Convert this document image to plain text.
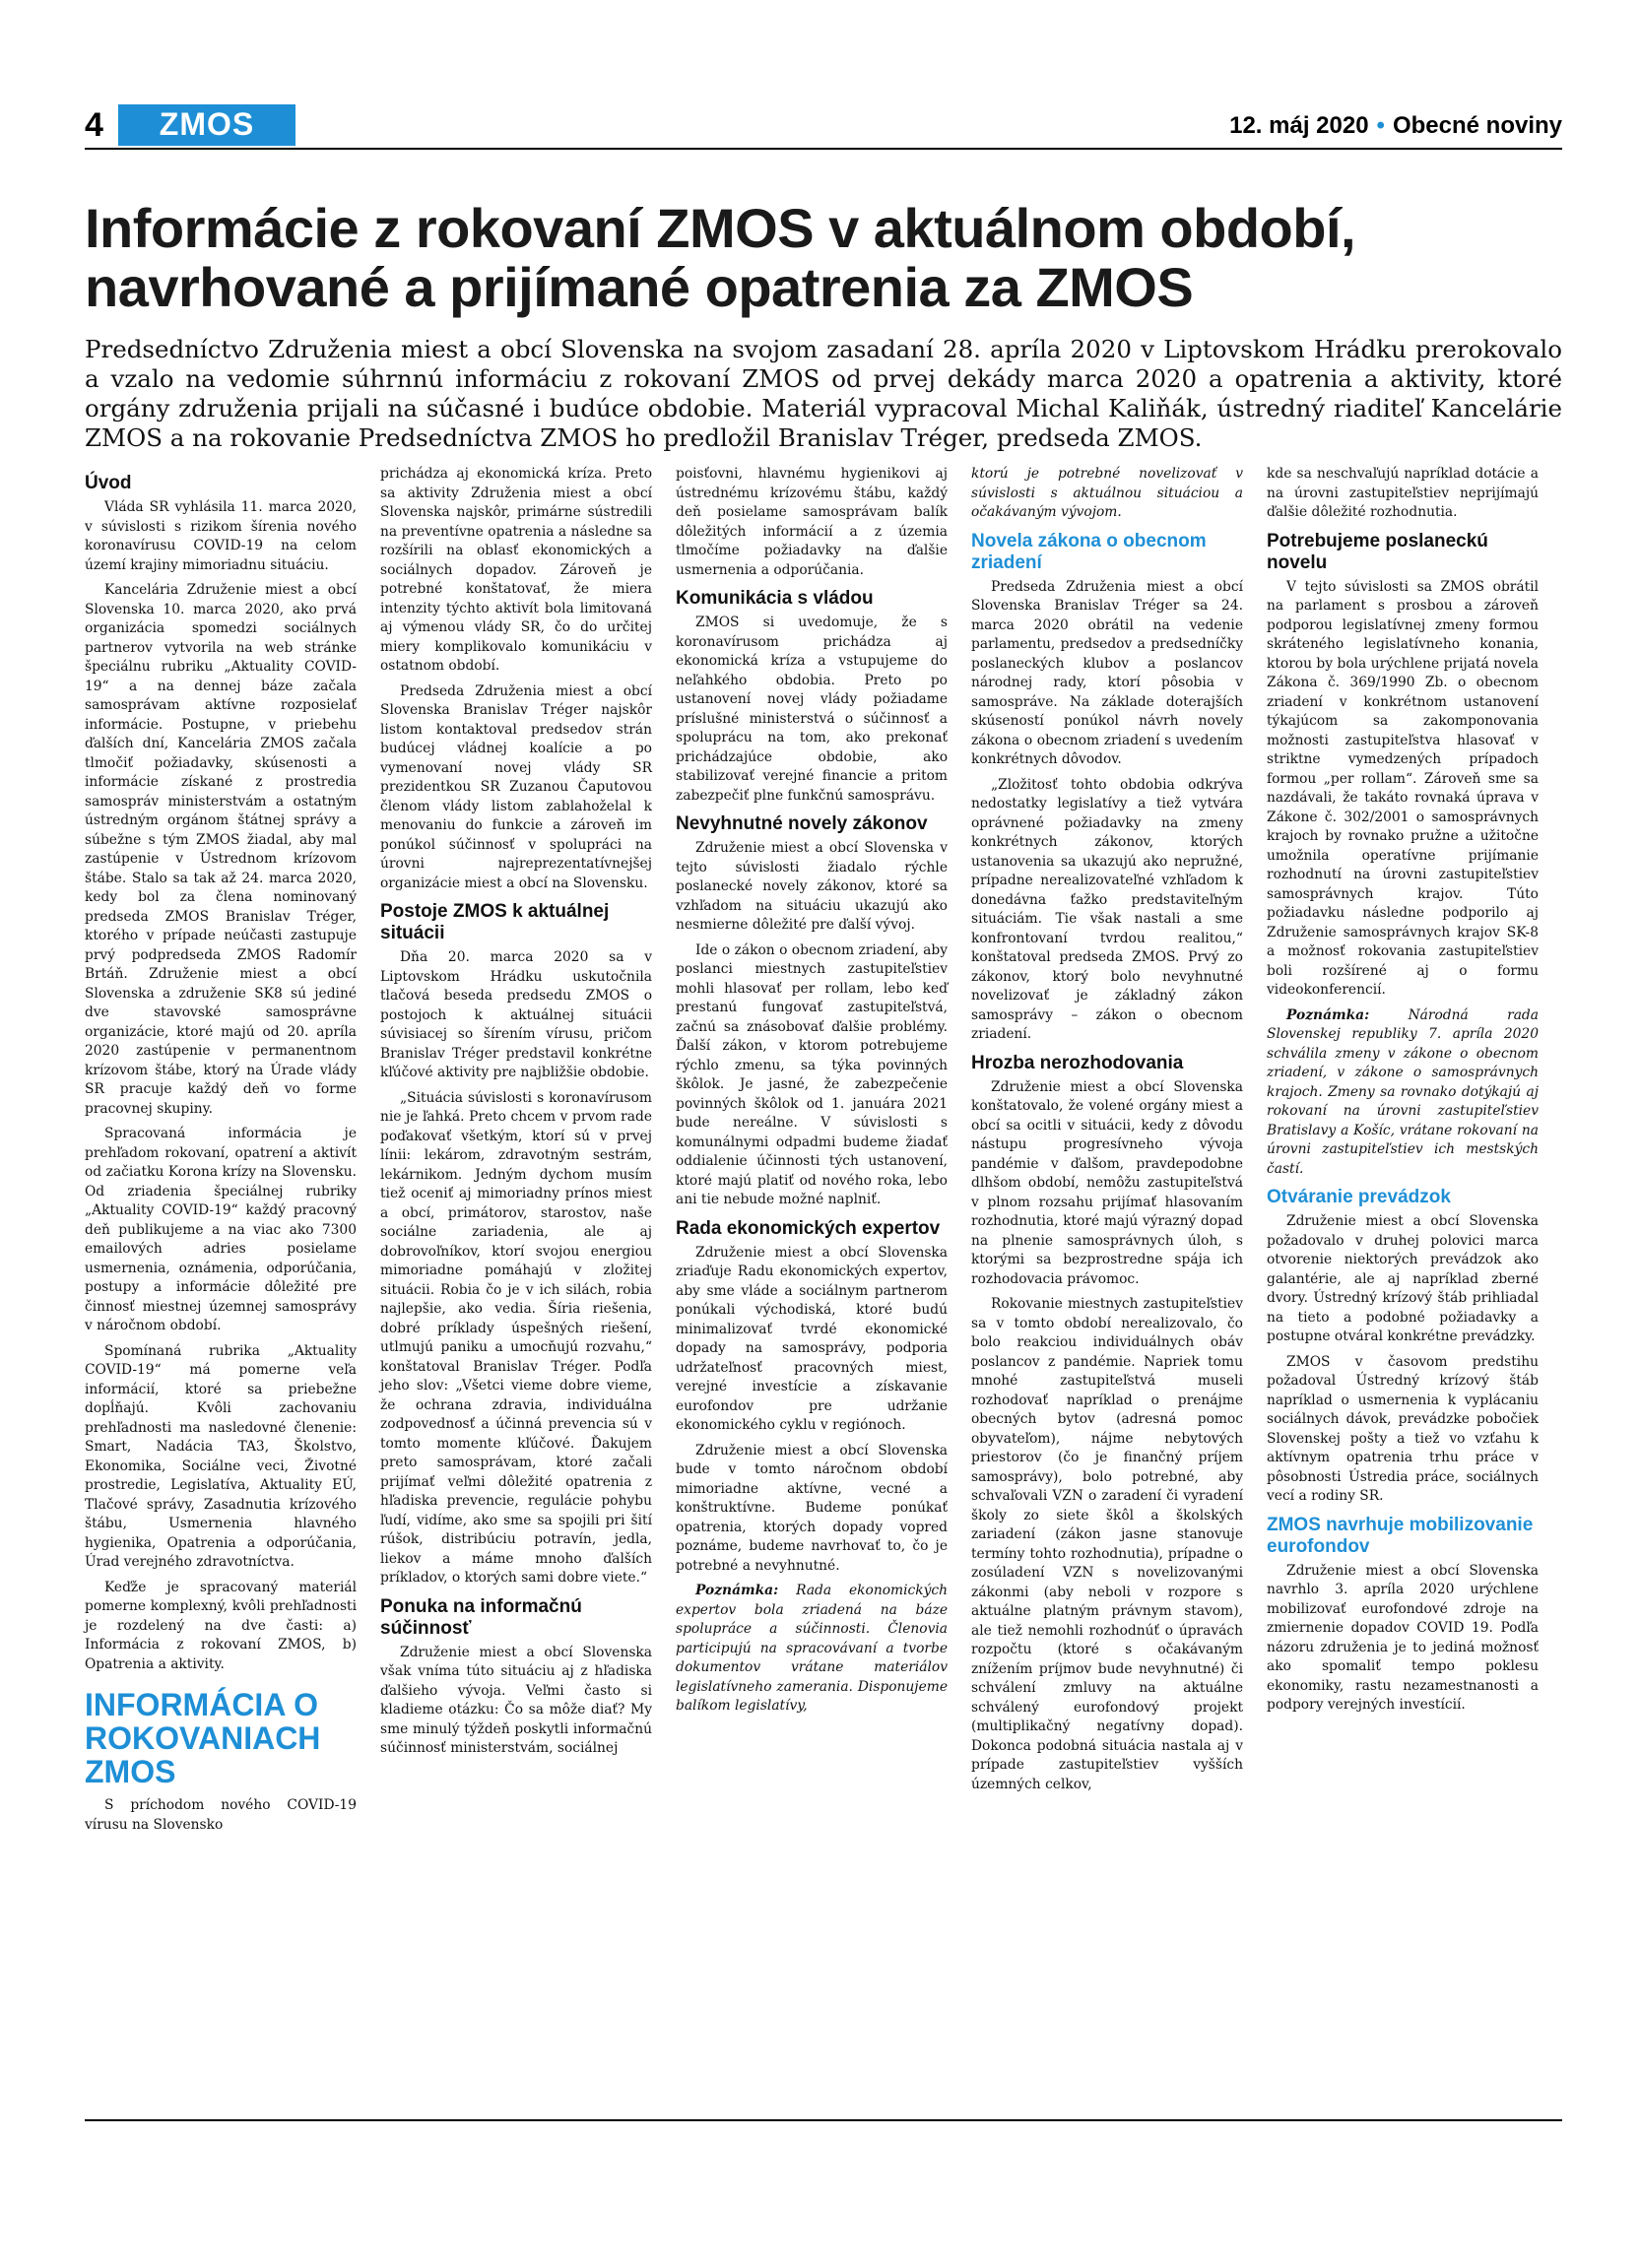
4	ZMOS	12. máj 2020 • Obecné noviny
Informácie z rokovaní ZMOS v aktuálnom období, navrhované a prijímané opatrenia za ZMOS

Predsedníctvo Združenia miest a obcí Slovenska na svojom zasadaní 28. apríla 2020 v Liptovskom Hrádku prerokovalo a vzalo na vedomie súhrnnú informáciu z rokovaní ZMOS od prvej dekády marca 2020 a opatrenia a aktivity, ktoré orgány združenia prijali na súčasné i budúce obdobie. Materiál vypracoval Michal Kaliňák, ústredný riaditeľ Kancelárie ZMOS a na rokovanie Predsedníctva ZMOS ho predložil Branislav Tréger, predseda ZMOS.

Úvod

Vláda SR vyhlásila 11. marca 2020, v súvislosti s rizikom šírenia nového koronavírusu COVID-19 na celom území krajiny mimoriadnu situáciu.

Kancelária Združenie miest a obcí Slovenska 10. marca 2020, ako prvá organizácia spomedzi sociálnych partnerov vytvorila na web stránke špeciálnu rubriku „Aktuality COVID-19“ a na dennej báze začala samosprávam aktívne rozposielať informácie. Postupne, v priebehu ďalších dní, Kancelária ZMOS začala tlmočiť požiadavky, skúsenosti a informácie získané z prostredia samospráv ministerstvám a ostatným ústredným orgánom štátnej správy a súbežne s tým ZMOS žiadal, aby mal zastúpenie v Ústrednom krízovom štábe. Stalo sa tak až 24. marca 2020, kedy bol za člena nominovaný predseda ZMOS Branislav Tréger, ktorého v prípade neúčasti zastupuje prvý podpredseda ZMOS Radomír Brtáň. Združenie miest a obcí Slovenska a združenie SK8 sú jediné dve stavovské samosprávne organizácie, ktoré majú od 20. apríla 2020 zastúpenie v permanentnom krízovom štábe, ktorý na Úrade vlády SR pracuje každý deň vo forme pracovnej skupiny.

Spracovaná informácia je prehľadom rokovaní, opatrení a aktivít od začiatku Korona krízy na Slovensku. Od zriadenia špeciálnej rubriky „Aktuality COVID-19“ každý pracovný deň publikujeme a na viac ako 7300 emailových adries posielame usmernenia, oznámenia, odporúčania, postupy a informácie dôležité pre činnosť miestnej územnej samosprávy v náročnom období.

Spomínaná rubrika „Aktuality COVID-19“ má pomerne veľa informácií, ktoré sa priebežne dopĺňajú. Kvôli zachovaniu prehľadnosti ma nasledovné členenie: Smart, Nadácia TA3, Školstvo, Ekonomika, Sociálne veci, Životné prostredie, Legislatíva, Aktuality EÚ, Tlačové správy, Zasadnutia krízového štábu, Usmernenia hlavného hygienika, Opatrenia a odporúčania, Úrad verejného zdravotníctva.

Keďže je spracovaný materiál pomerne komplexný, kvôli prehľadnosti je rozdelený na dve časti: a) Informácia z rokovaní ZMOS, b) Opatrenia a aktivity.

INFORMÁCIA O ROKOVANIACH ZMOS

S príchodom nového COVID-19 vírusu na Slovensko

prichádza aj ekonomická kríza. Preto sa aktivity Združenia miest a obcí Slovenska najskôr, primárne sústredili na preventívne opatrenia a následne sa rozšírili na oblasť ekonomických a sociálnych dopadov. Zároveň je potrebné konštatovať, že miera intenzity týchto aktivít bola limitovaná aj výmenou vlády SR, čo do určitej miery komplikovalo komunikáciu v ostatnom období.

Predseda Združenia miest a obcí Slovenska Branislav Tréger najskôr listom kontaktoval predsedov strán budúcej vládnej koalície a po vymenovaní novej vlády SR prezidentkou SR Zuzanou Čaputovou členom vlády listom zablahoželal k menovaniu do funkcie a zároveň im ponúkol súčinnosť v spolupráci na úrovni najreprezentatívnejšej organizácie miest a obcí na Slovensku.

Postoje ZMOS k aktuálnej situácii

Dňa 20. marca 2020 sa v Liptovskom Hrádku uskutočnila tlačová beseda predsedu ZMOS o postojoch k aktuálnej situácii súvisiacej so šírením vírusu, pričom Branislav Tréger predstavil konkrétne kľúčové aktivity pre najbližšie obdobie.

„Situácia súvislosti s koronavírusom nie je ľahká. Preto chcem v prvom rade poďakovať všetkým, ktorí sú v prvej línii: lekárom, zdravotným sestrám, lekárnikom. Jedným dychom musím tiež oceniť aj mimoriadny prínos miest a obcí, primátorov, starostov, naše sociálne zariadenia, ale aj dobrovoľníkov, ktorí svojou energiou mimoriadne pomáhajú v zložitej situácii. Robia čo je v ich silách, robia najlepšie, ako vedia. Šíria riešenia, dobré príklady úspešných riešení, utlmujú paniku a umocňujú rozvahu,“ konštatoval Branislav Tréger. Podľa jeho slov: „Všetci vieme dobre vieme, že ochrana zdravia, individuálna zodpovednosť a účinná prevencia sú v tomto momente kľúčové. Ďakujem preto samosprávam, ktoré začali prijímať veľmi dôležité opatrenia z hľadiska prevencie, regulácie pohybu ľudí, vidíme, ako sme sa spojili pri šití rúšok, distribúciu potravín, jedla, liekov a máme mnoho ďalších príkladov, o ktorých sami dobre viete.“

Ponuka na informačnú súčinnosť

Združenie miest a obcí Slovenska však vníma túto situáciu aj z hľadiska ďalšieho vývoja. Veľmi často si kladieme otázku: Čo sa môže diať? My sme minulý týždeň poskytli informačnú súčinnosť ministerstvám, sociálnej

poisťovni, hlavnému hygienikovi aj ústrednému krízovému štábu, každý deň posielame samosprávam balík dôležitých informácií a z územia tlmočíme požiadavky na ďalšie usmernenia a odporúčania.

Komunikácia s vládou

ZMOS si uvedomuje, že s koronavírusom prichádza aj ekonomická kríza a vstupujeme do neľahkého obdobia. Preto po ustanovení novej vlády požiadame príslušné ministerstvá o súčinnosť a spoluprácu na tom, ako prekonať prichádzajúce obdobie, ako stabilizovať verejné financie a pritom zabezpečiť plne funkčnú samosprávu.

Nevyhnutné novely zákonov

Združenie miest a obcí Slovenska v tejto súvislosti žiadalo rýchle poslanecké novely zákonov, ktoré sa vzhľadom na situáciu ukazujú ako nesmierne dôležité pre ďalší vývoj.

Ide o zákon o obecnom zriadení, aby poslanci miestnych zastupiteľstiev mohli hlasovať per rollam, lebo keď prestanú fungovať zastupiteľstvá, začnú sa znásobovať ďalšie problémy. Ďalší zákon, v ktorom potrebujeme rýchlo zmenu, sa týka povinných škôlok. Je jasné, že zabezpečenie povinných škôlok od 1. januára 2021 bude nereálne. V súvislosti s komunálnymi odpadmi budeme žiadať oddialenie účinnosti tých ustanovení, ktoré majú platiť od nového roka, lebo ani tie nebude možné naplniť.

Rada ekonomických expertov

Združenie miest a obcí Slovenska zriaďuje Radu ekonomických expertov, aby sme vláde a sociálnym partnerom ponúkali východiská, ktoré budú minimalizovať tvrdé ekonomické dopady na samosprávy, podporia udržateľnosť pracovných miest, verejné investície a získavanie eurofondov pre udržanie ekonomického cyklu v regiónoch.

Združenie miest a obcí Slovenska bude v tomto náročnom období mimoriadne aktívne, vecné a konštruktívne. Budeme ponúkať opatrenia, ktorých dopady vopred poznáme, budeme navrhovať to, čo je potrebné a nevyhnutné.

Poznámka: Rada ekonomických expertov bola zriadená na báze spolupráce a súčinnosti. Členovia participujú na spracovávaní a tvorbe dokumentov vrátane materiálov legislatívneho zamerania. Disponujeme balíkom legislatívy,

ktorú je potrebné novelizovať v súvislosti s aktuálnou situáciou a očakávaným vývojom.

Novela zákona o obecnom zriadení

Predseda Združenia miest a obcí Slovenska Branislav Tréger sa 24. marca 2020 obrátil na vedenie parlamentu, predsedov a predsedníčky poslaneckých klubov a poslancov národnej rady, ktorí pôsobia v samospráve. Na základe doterajších skúseností ponúkol návrh novely zákona o obecnom zriadení s uvedením konkrétnych dôvodov.

„Zložitosť tohto obdobia odkrýva nedostatky legislatívy a tiež vytvára oprávnené požiadavky na zmeny konkrétnych zákonov, ktorých ustanovenia sa ukazujú ako nepružné, prípadne nerealizovateľné vzhľadom k donedávna ťažko predstaviteľným situáciám. Tie však nastali a sme konfrontovaní tvrdou realitou,“ konštatoval predseda ZMOS. Prvý zo zákonov, ktorý bolo nevyhnutné novelizovať je základný zákon samosprávy – zákon o obecnom zriadení.

Hrozba nerozhodovania

Združenie miest a obcí Slovenska konštatovalo, že volené orgány miest a obcí sa ocitli v situácii, kedy z dôvodu nástupu progresívneho vývoja pandémie v ďalšom, pravdepodobne dlhšom období, nemôžu zastupiteľstvá v plnom rozsahu prijímať hlasovaním rozhodnutia, ktoré majú výrazný dopad na plnenie samosprávnych úloh, s ktorými sa bezprostredne spája ich rozhodovacia právomoc.

Rokovanie miestnych zastupiteľstiev sa v tomto období nerealizovalo, čo bolo reakciou individuálnych obáv poslancov z pandémie. Napriek tomu mnohé zastupiteľstvá museli rozhodovať napríklad o prenájme obecných bytov (adresná pomoc obyvateľom), nájme nebytových priestorov (čo je finančný príjem samosprávy), bolo potrebné, aby schvaľovali VZN o zaradení či vyradení školy zo siete škôl a školských zariadení (zákon jasne stanovuje termíny tohto rozhodnutia), prípadne o zosúladení VZN s novelizovanými zákonmi (aby neboli v rozpore s aktuálne platným právnym stavom), ale tiež nemohli rozhodnúť o úpravách rozpočtu (ktoré s očakávaným znížením príjmov bude nevyhnutné) či schválení zmluvy na aktuálne schválený eurofondový projekt (multiplikačný negatívny dopad). Dokonca podobná situácia nastala aj v prípade zastupiteľstiev vyšších územných celkov,

kde sa neschvaľujú napríklad dotácie a na úrovni zastupiteľstiev neprijímajú ďalšie dôležité rozhodnutia.

Potrebujeme poslaneckú novelu

V tejto súvislosti sa ZMOS obrátil na parlament s prosbou a zároveň podporou legislatívnej zmeny formou skráteného legislatívneho konania, ktorou by bola urýchlene prijatá novela Zákona č. 369/1990 Zb. o obecnom zriadení v konkrétnom ustanovení týkajúcom sa zakomponovania možnosti zastupiteľstva hlasovať v striktne vymedzených prípadoch formou „per rollam“. Zároveň sme sa nazdávali, že takáto rovnaká úprava v Zákone č. 302/2001 o samosprávnych krajoch by rovnako pružne a užitočne umožnila operatívne prijímanie rozhodnutí na úrovni zastupiteľstiev samosprávnych krajov. Túto požiadavku následne podporilo aj Združenie samosprávnych krajov SK-8 a možnosť rokovania zastupiteľstiev boli rozšírené aj o formu videokonferencií.

Poznámka:	Národná rada Slovenskej republiky 7. apríla 2020 schválila zmeny v zákone o obecnom zriadení, v zákone o samosprávnych krajoch. Zmeny sa rovnako dotýkajú aj rokovaní na úrovni zastupiteľstiev Bratislavy a Košíc, vrátane rokovaní na úrovni zastupiteľstiev ich mestských častí.

Otváranie prevádzok

Združenie miest a obcí Slovenska požadovalo v druhej polovici marca otvorenie niektorých prevádzok ako galantérie, ale aj napríklad zberné dvory. Ústredný krízový štáb prihliadal na tieto a podobné požiadavky a postupne otváral konkrétne prevádzky.

ZMOS v časovom predstihu požadoval Ústredný krízový štáb napríklad o usmernenia k vyplácaniu sociálnych dávok, prevádzke pobočiek Slovenskej pošty a tiež vo vzťahu k aktívnym opatrenia trhu práce v pôsobnosti Ústredia práce, sociálnych vecí a rodiny SR.

ZMOS navrhuje mobilizovanie eurofondov

Združenie miest a obcí Slovenska navrhlo 3. apríla 2020 urýchlene mobilizovať eurofondové zdroje na zmiernenie dopadov COVID 19. Podľa názoru združenia je to jediná možnosť ako spomaliť tempo poklesu ekonomiky, rastu nezamestnanosti a podpory verejných investícií.
